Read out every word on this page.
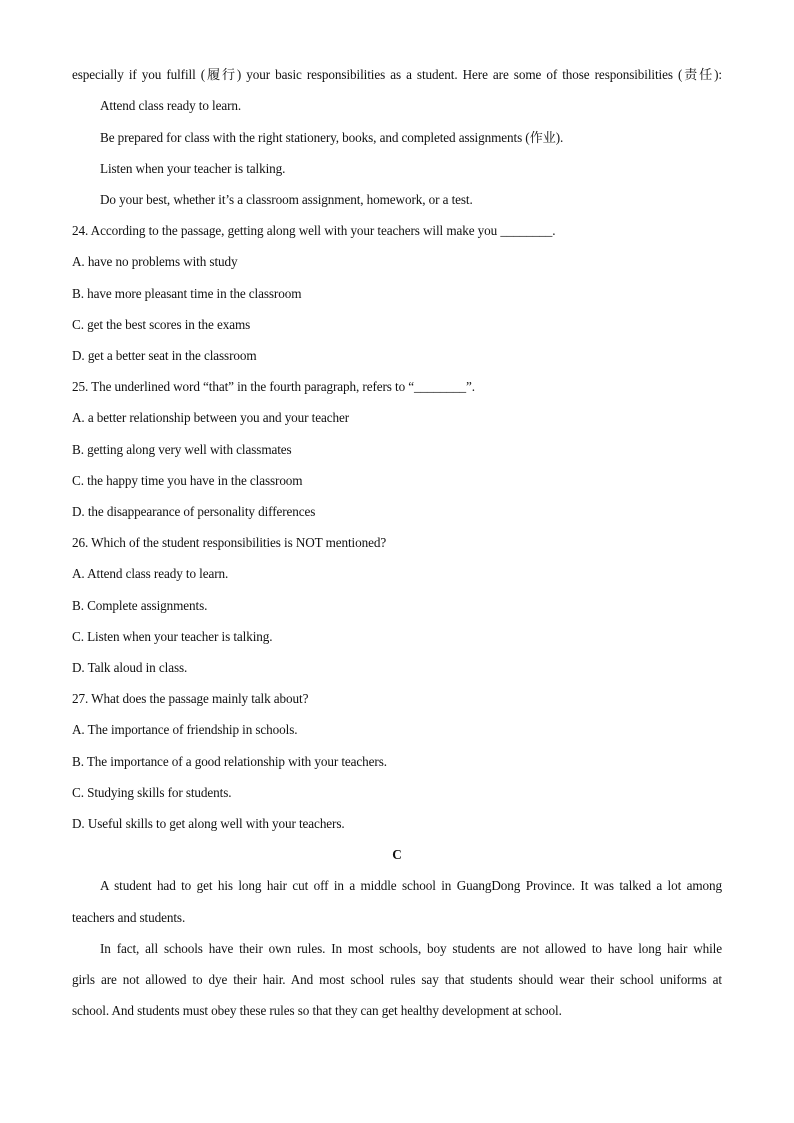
especially if you fulfill (履行) your basic responsibilities as a student. Here are some of those responsibilities (责任):
Attend class ready to learn.
Be prepared for class with the right stationery, books, and completed assignments (作业).
Listen when your teacher is talking.
Do your best, whether it’s a classroom assignment, homework, or a test.
24. According to the passage, getting along well with your teachers will make you ________.
A. have no problems with study
B. have more pleasant time in the classroom
C. get the best scores in the exams
D. get a better seat in the classroom
25. The underlined word “that” in the fourth paragraph, refers to “________”.
A. a better relationship between you and your teacher
B. getting along very well with classmates
C. the happy time you have in the classroom
D. the disappearance of personality differences
26. Which of the student responsibilities is NOT mentioned?
A. Attend class ready to learn.
B. Complete assignments.
C. Listen when your teacher is talking.
D. Talk aloud in class.
27. What does the passage mainly talk about?
A. The importance of friendship in schools.
B. The importance of a good relationship with your teachers.
C. Studying skills for students.
D. Useful skills to get along well with your teachers.
C
A student had to get his long hair cut off in a middle school in GuangDong Province. It was talked a lot among
teachers and students.
In fact, all schools have their own rules. In most schools, boy students are not allowed to have long hair while
girls are not allowed to dye their hair. And most school rules say that students should wear their school uniforms at
school. And students must obey these rules so that they can get healthy development at school.
